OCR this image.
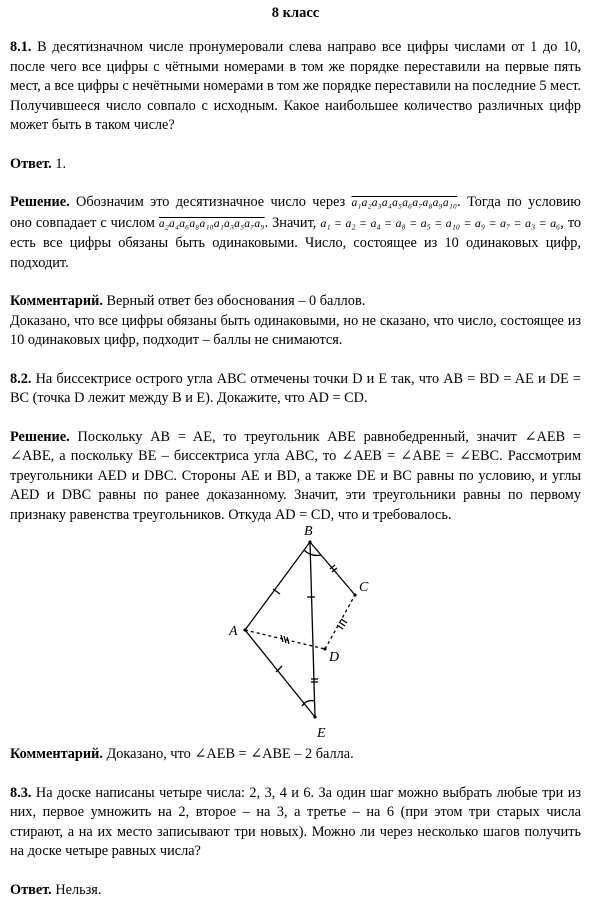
8 класс

8.1. В десятизначном числе пронумеровали слева направо все цифры числами от 1 до 10, после чего все цифры с чётными номерами в том же порядке переставили на первые пять мест, а все цифры с нечётными номерами в том же порядке переставили на последние 5 мест. Получившееся число совпало с исходным. Какое наибольшее количество различных цифр может быть в таком числе?

Ответ. 1.

Решение. Обозначим это десятизначное число через a₁a₂a₃a₄a₅a₆a₇a₈a₉a₁₀. Тогда по условию оно совпадает с числом a₂a₄a₆a₈a₁₀a₁a₃a₅a₇a₉. Значит, a₁ = a₂ = a₄ = a₈ = a₅ = a₁₀ = a₉ = a₇ = a₃ = a₆, то есть все цифры обязаны быть одинаковыми. Число, состоящее из 10 одинаковых цифр, подходит.

Комментарий. Верный ответ без обоснования – 0 баллов.

Доказано, что все цифры обязаны быть одинаковыми, но не сказано, что число, состоящее из 10 одинаковых цифр, подходит – баллы не снимаются.

8.2. На биссектрисе острого угла ABC отмечены точки D и E так, что AB = BD = AE и DE = BC (точка D лежит между B и E). Докажите, что AD = CD.

Решение. Поскольку AB = AE, то треугольник ABE равнобедренный, значит ∠AEB = ∠ABE, а поскольку BE – биссектриса угла ABC, то ∠AEB = ∠ABE = ∠EBC. Рассмотрим треугольники AED и DBC. Стороны AE и BD, а также DE и BC равны по условию, и углы AED и DBC равны по ранее доказанному. Значит, эти треугольники равны по первому признаку равенства треугольников. Откуда AD = CD, что и требовалось.

A
B
C
D
E

Комментарий. Доказано, что ∠AEB = ∠ABE – 2 балла.

8.3. На доске написаны четыре числа: 2, 3, 4 и 6. За один шаг можно выбрать любые три из них, первое умножить на 2, второе – на 3, а третье – на 6 (при этом три старых числа стирают, а на их место записывают три новых). Можно ли через несколько шагов получить на доске четыре равных числа?

Ответ. Нельзя.
